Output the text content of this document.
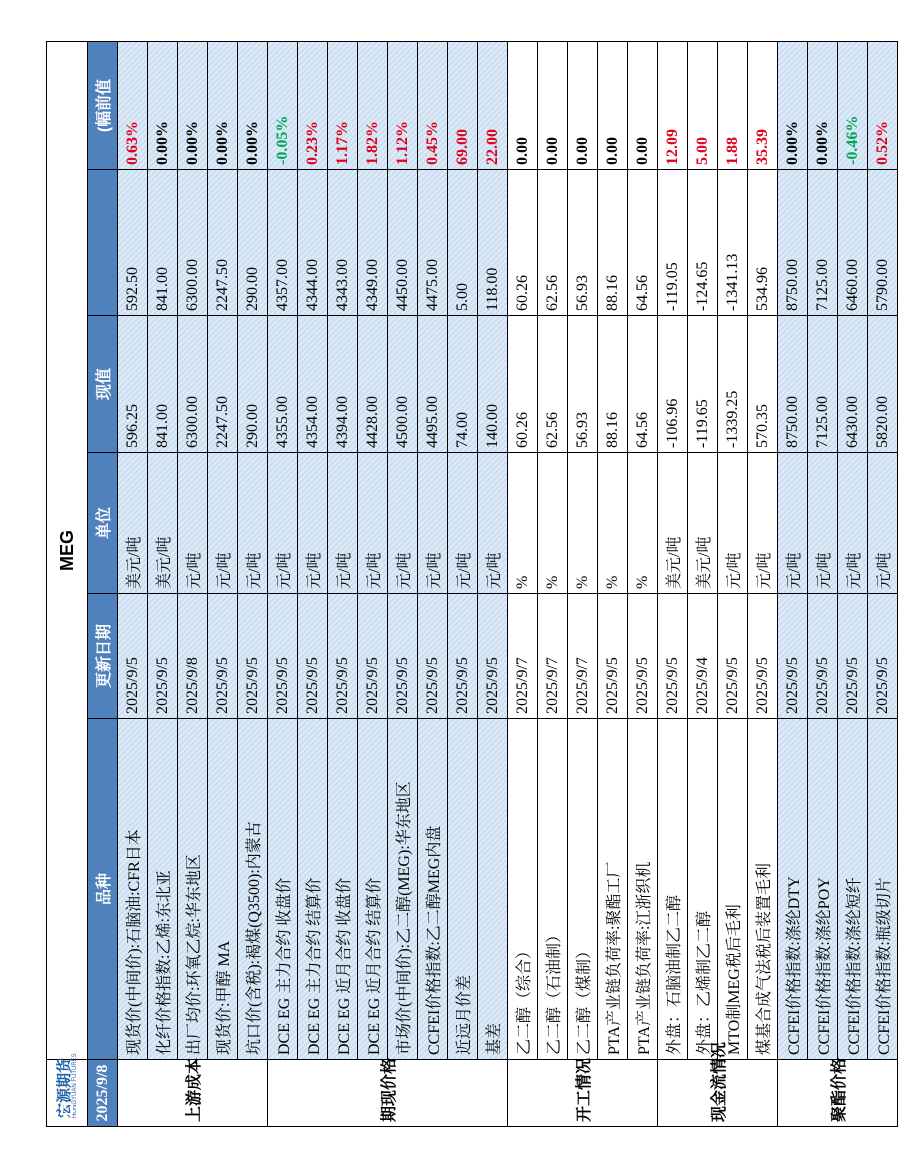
宏源期货 HONGYUAN FUTURES	MEG					
2025/9/8	品种	更新日期	单位	现值		(幅前值
上游成本	现货价(中间价):石脑油:CFR日本	2025/9/5	美元/吨	596.25	592.50	0.63%
	化纤价格指数:乙烯:东北亚	2025/9/5	美元/吨	841.00	841.00	0.00%
	出厂均价:环氧乙烷:华东地区	2025/9/8	元/吨	6300.00	6300.00	0.00%
	现货价:甲醇 MA	2025/9/5	元/吨	2247.50	2247.50	0.00%
	坑口价(含税):褐煤(Q3500):内蒙古	2025/9/5	元/吨	290.00	290.00	0.00%
期现价格	DCE EG 主力合约 收盘价	2025/9/5	元/吨	4355.00	4357.00	-0.05%
	DCE EG 主力合约 结算价	2025/9/5	元/吨	4354.00	4344.00	0.23%
	DCE EG 近月合约 收盘价	2025/9/5	元/吨	4394.00	4343.00	1.17%
	DCE EG 近月合约 结算价	2025/9/5	元/吨	4428.00	4349.00	1.82%
	市场价(中间价):乙二醇(MEG):华东地区	2025/9/5	元/吨	4500.00	4450.00	1.12%
	CCFEI价格指数:乙二醇MEG内盘	2025/9/5	元/吨	4495.00	4475.00	0.45%
	近远月价差	2025/9/5	元/吨	74.00	5.00	69.00
	基差	2025/9/5	元/吨	140.00	118.00	22.00
开工情况	乙二醇（综合）	2025/9/7	%	60.26	60.26	0.00
	乙二醇（石油制）	2025/9/7	%	62.56	62.56	0.00
	乙二醇（煤制）	2025/9/7	%	56.93	56.93	0.00
	PTA产业链负荷率:聚酯工厂	2025/9/5	%	88.16	88.16	0.00
	PTA产业链负荷率:江浙织机	2025/9/5	%	64.56	64.56	0.00
现金流情况	外盘：石脑油制乙二醇	2025/9/5	美元/吨	-106.96	-119.05	12.09
	外盘：乙烯制乙二醇	2025/9/4	美元/吨	-119.65	-124.65	5.00
	MTO制MEG税后毛利	2025/9/5	元/吨	-1339.25	-1341.13	1.88
	煤基合成气法税后装置毛利	2025/9/5	元/吨	570.35	534.96	35.39
聚酯价格	CCFEI价格指数:涤纶DTY	2025/9/5	元/吨	8750.00	8750.00	0.00%
	CCFEI价格指数:涤纶POY	2025/9/5	元/吨	7125.00	7125.00	0.00%
	CCFEI价格指数:涤纶短纤	2025/9/5	元/吨	6430.00	6460.00	-0.46%
	CCFEI价格指数:瓶级切片	2025/9/5	元/吨	5820.00	5790.00	0.52%
